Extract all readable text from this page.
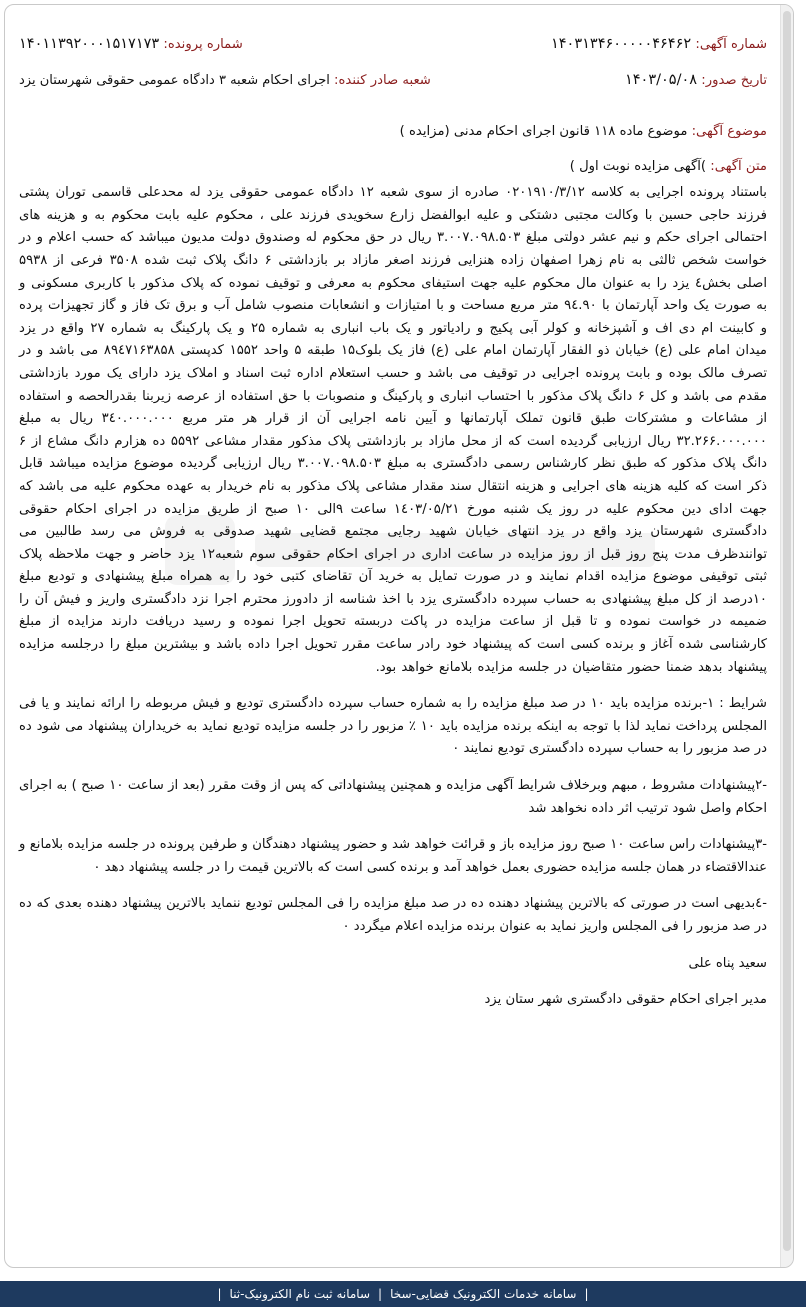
شماره آگهی: ۱۴۰۳۱۳۴۶۰۰۰۰۰۴۶۴۶۲
شماره پرونده: ۱۴۰۱۱۳۹۲۰۰۰۱۵۱۷۱۷۳
تاریخ صدور: ۱۴۰۳/۰۵/۰۸
شعبه صادر کننده: اجرای احکام شعبه ۳ دادگاه عمومی حقوقی شهرستان یزد
موضوع آگهی: موضوع ماده ۱۱۸ قانون اجرای احکام مدنی (مزایده )
متن آگهی: )آگهی مزایده نوبت اول )

باستناد پرونده اجرایی به کلاسه ۰۲۰۱۹۱۰/۳/۱۲ صادره از سوی شعبه ۱۲ دادگاه عمومی حقوقی یزد له محدعلی قاسمی توران پشتی فرزند حاجی حسین با وکالت مجتبی دشتکی و علیه ابوالفضل زارع سخویدی فرزند علی ، محکوم علیه بابت محکوم به و هزینه های احتمالی اجرای حکم و نیم عشر دولتی مبلغ ۳.۰۰۷.۰۹۸.۵۰۳ ریال در حق محکوم له وصندوق دولت مدیون میباشد که حسب اعلام و در خواست شخص ثالثی به نام زهرا اصفهان زاده هنزایی فرزند اصغر مازاد بر بازداشتی ۶ دانگ پلاک ثبت شده ۳۵۰۸ فرعی از ۵۹۳۸ اصلی بخش٤ یزد را به عنوان مال محکوم علیه جهت استیفای محکوم به معرفی و توقیف نموده که پلاک مذکور با کاربری مسکونی و به صورت یک واحد آپارتمان با ۹٤.۹۰ متر مربع مساحت و با امتیازات و انشعابات منصوب شامل آب و برق تک فاز و گاز تجهیزات پرده و کابینت ام دی اف و آشپزخانه و کولر آبی پکیج و رادیاتور و یک باب انباری به شماره ۲۵ و یک پارکینگ به شماره ۲۷ واقع در یزد میدان امام علی (ع) خیابان ذو الفقار آپارتمان امام علی (ع) فاز یک بلوک۱۵ طبقه ۵ واحد ۱۵۵۲ کدپستی ۸۹٤۷۱۶۳۸۵۸ می باشد و در تصرف مالک بوده و بابت پرونده اجرایی در توقیف می باشد و حسب استعلام اداره ثبت اسناد و املاک یزد دارای یک مورد بازداشتی مقدم می باشد و کل ۶ دانگ پلاک مذکور با احتساب انباری و پارکینگ و منصوبات با حق استفاده از عرصه زیربنا بقدرالحصه و استفاده از مشاعات و مشترکات طبق قانون تملک آپارتمانها و آیین نامه اجرایی آن از قرار هر متر مربع ۳٤۰.۰۰۰.۰۰۰ ریال به مبلغ ۳۲.۲۶۶.۰۰۰.۰۰۰ ریال ارزیابی گردیده است که از محل مازاد بر بازداشتی پلاک مذکور مقدار مشاعی ۵۵۹۲ ده هزارم دانگ مشاع از ۶ دانگ پلاک مذکور که طبق نظر کارشناس رسمی دادگستری به مبلغ ۳.۰۰۷.۰۹۸.۵۰۳ ریال ارزیابی گردیده موضوع مزایده میباشد قابل ذکر است که کلیه هزینه های اجرایی و هزینه انتقال سند مقدار مشاعی پلاک مذکور به نام خریدار به عهده محکوم علیه می باشد که جهت ادای دین محکوم علیه در روز یک شنبه مورخ ۱٤۰۳/۰۵/۲۱ ساعت ۹الی ۱۰ صبح از طریق مزایده در اجرای احکام حقوقی دادگستری شهرستان یزد واقع در یزد انتهای خیابان شهید رجایی مجتمع قضایی شهید صدوقی به فروش می رسد طالبین می توانندظرف مدت پنج روز قبل از روز مزایده در ساعت اداری در اجرای احکام حقوقی سوم شعبه۱۲ یزد حاضر و جهت ملاحظه پلاک ثبتی توقیفی موضوع مزایده اقدام نمایند و در صورت تمایل به خرید آن تقاضای کتبی خود را به همراه مبلغ پیشنهادی و تودیع مبلغ ۱۰درصد از کل مبلغ پیشنهادی به حساب سپرده دادگستری یزد با اخذ شناسه از دادورز محترم اجرا نزد دادگستری واریز و فیش آن را ضمیمه در خواست نموده و تا قبل از ساعت مزایده در پاکت دربسته تحویل اجرا نموده و رسید دریافت دارند مزایده از مبلغ کارشناسی شده آغاز و برنده کسی است که پیشنهاد خود رادر ساعت مقرر تحویل اجرا داده باشد و بیشترین مبلغ را درجلسه مزایده پیشنهاد بدهد ضمنا حضور متقاضیان در جلسه مزایده بلامانع خواهد بود.

شرایط : ۱-برنده مزایده باید ۱۰ در صد مبلغ مزایده را به شماره حساب سپرده دادگستری تودیع و فیش مربوطه را ارائه نمایند و یا فی المجلس پرداخت نماید لذا با توجه به اینکه برنده مزایده باید ۱۰ ٪ مزبور را در جلسه مزایده تودیع نماید به خریداران پیشنهاد می شود ده در صد مزبور را به حساب سپرده دادگستری تودیع نمایند ٠

-۲پیشنهادات مشروط ، مبهم وبرخلاف شرایط آگهی مزایده و همچنین پیشنهاداتی که پس از وقت مقرر (بعد از ساعت ۱۰ صبح ) به اجرای احکام واصل شود ترتیب اثر داده نخواهد شد

-۳پیشنهادات راس ساعت ۱۰ صبح روز مزایده باز و قرائت خواهد شد و حضور پیشنهاد دهندگان و طرفین پرونده در جلسه مزایده بلامانع و عندالاقتضاء در همان جلسه مزایده حضوری بعمل خواهد آمد و برنده کسی است که بالاترین قیمت را در جلسه پیشنهاد دهد ٠

-٤بدیهی است در صورتی که بالاترین پیشنهاد دهنده ده در صد مبلغ مزایده را فی المجلس تودیع ننماید بالاترین پیشنهاد دهنده بعدی که ده در صد مزبور را فی المجلس واریز نماید به عنوان برنده مزایده اعلام میگردد ٠

سعید پناه علی
مدیر اجرای احکام حقوقی دادگستری شهر ستان یزد
|
سامانه خدمات الکترونیک قضایی-سخا
|
سامانه ثبت نام الکترونیک-ثنا
|
